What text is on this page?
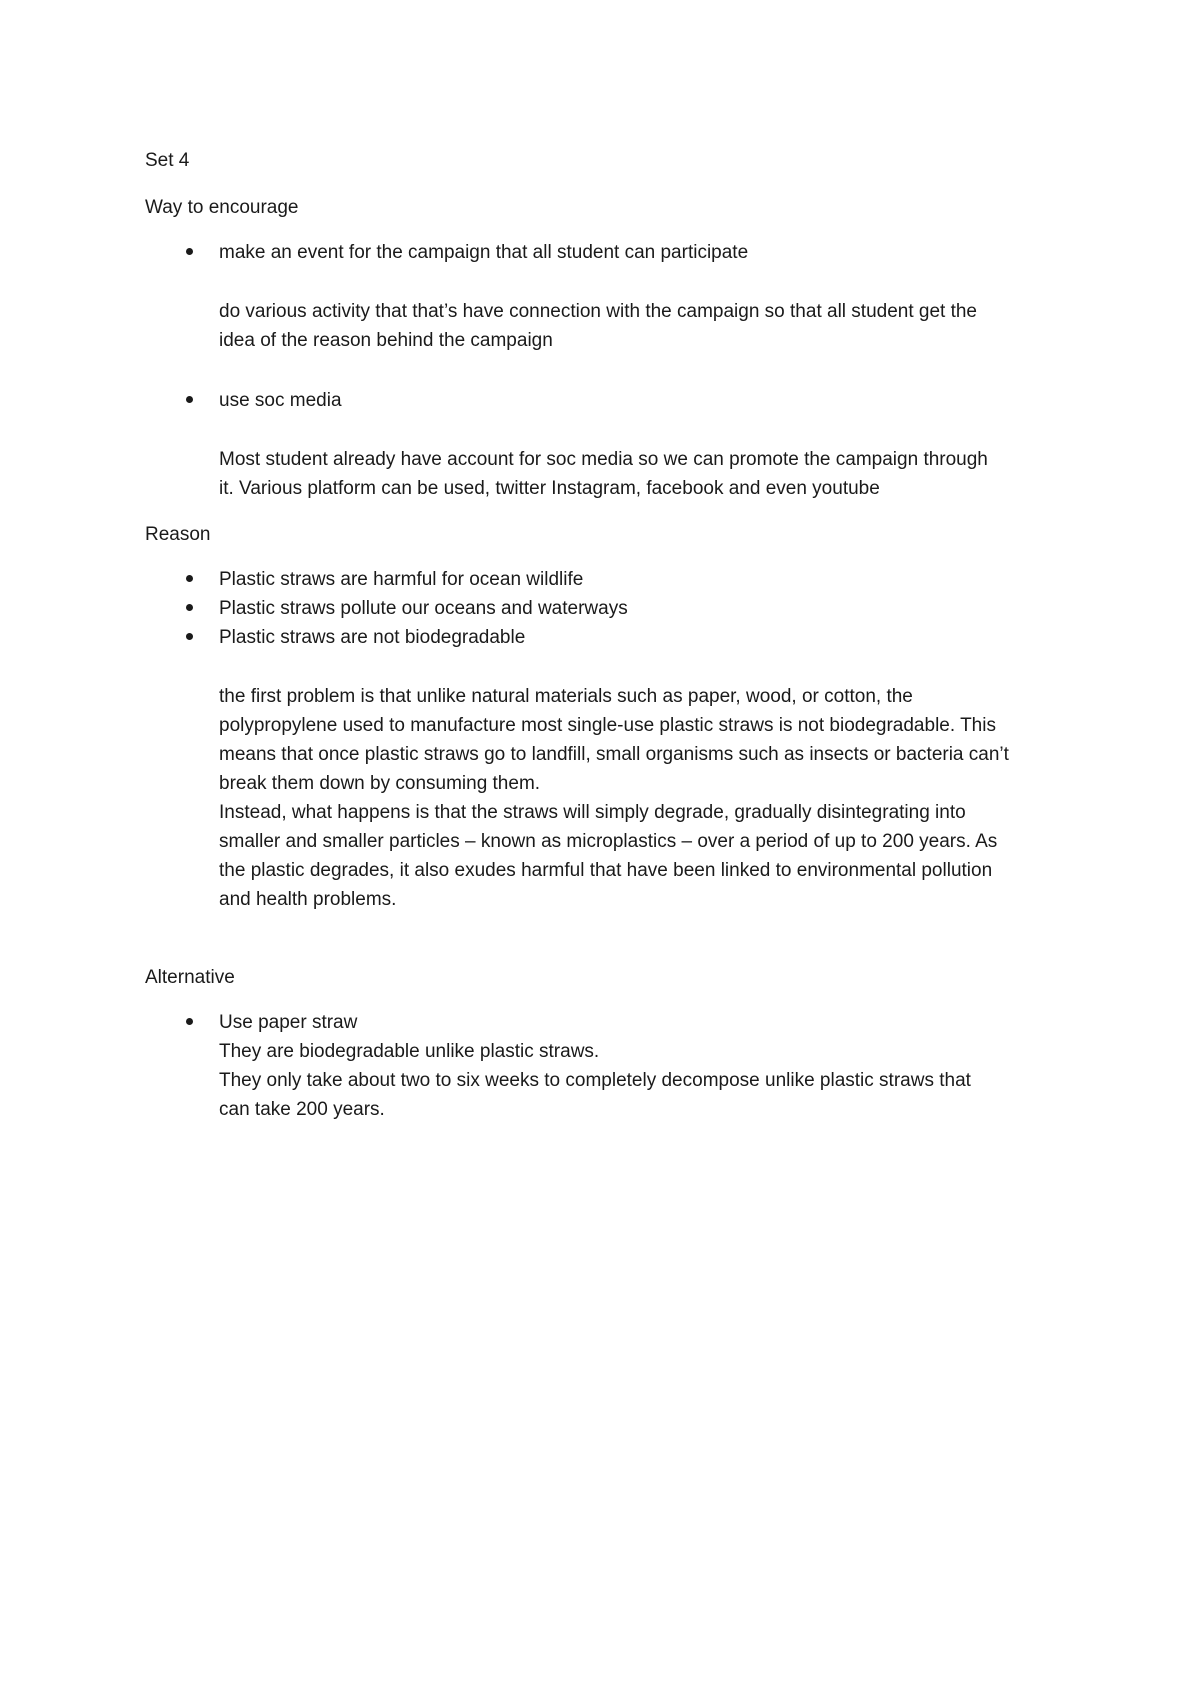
Set 4
Way to encourage
make an event for the campaign that all student can participate
do various activity that that’s have connection with the campaign so that all student get the
idea of the reason behind the campaign
use soc media
Most student already have account for soc media so we can promote the campaign through
it. Various platform can be used, twitter Instagram, facebook and even youtube
Reason
Plastic straws are harmful for ocean wildlife
Plastic straws pollute our oceans and waterways
Plastic straws are not biodegradable
the first problem is that unlike natural materials such as paper, wood, or cotton, the
polypropylene used to manufacture most single-use plastic straws is not biodegradable. This
means that once plastic straws go to landfill, small organisms such as insects or bacteria can’t
break them down by consuming them.
Instead, what happens is that the straws will simply degrade, gradually disintegrating into
smaller and smaller particles – known as microplastics – over a period of up to 200 years. As
the plastic degrades, it also exudes harmful that have been linked to environmental pollution
and health problems.
Alternative
Use paper straw
They are biodegradable unlike plastic straws.
They only take about two to six weeks to completely decompose unlike plastic straws that
can take 200 years.
